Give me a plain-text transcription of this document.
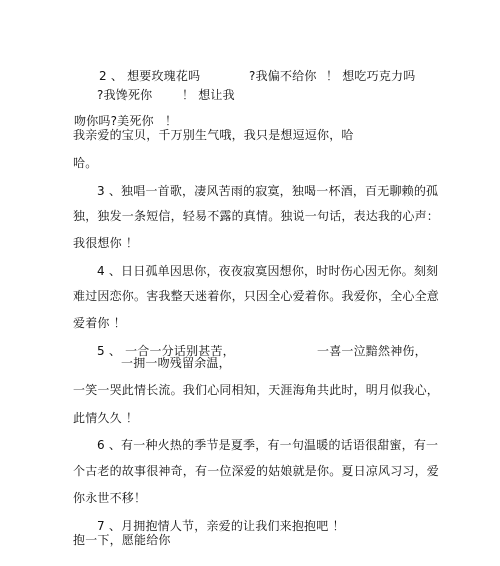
2 、 想要玫瑰花吗	?我偏不给你 ！ 想吃巧克力吗
?我馋死你 ！ 想让我
吻你吗?美死你 ！
我亲爱的宝贝，千万别生气哦，我只是想逗逗你，哈
哈。
3 、独唱一首歌，凄风苦雨的寂寞，独喝一杯酒，百无聊赖的孤
独，独发一条短信，轻易不露的真情。独说一句话，表达我的心声：
我很想你 ！
4 、日日孤单因思你，夜夜寂寞因想你，时时伤心因无你。刻刻
难过因恋你。害我整天迷着你，只因全心爱着你。我爱你，全心全意
爱着你 ！
5 、 一合一分话别甚苦，	一喜一泣黯然神伤，
一拥一吻残留余温，
一笑一哭此情长流。我们心同相知，天涯海角共此时，明月似我心，
此情久久 ！
6 、有一种火热的季节是夏季，有一句温暖的话语很甜蜜，有一
个古老的故事很神奇，有一位深爱的姑娘就是你。夏日凉风习习，爱
你永世不移！
7 、月拥抱情人节，亲爱的让我们来抱抱吧 ！
抱一下，愿能给你
